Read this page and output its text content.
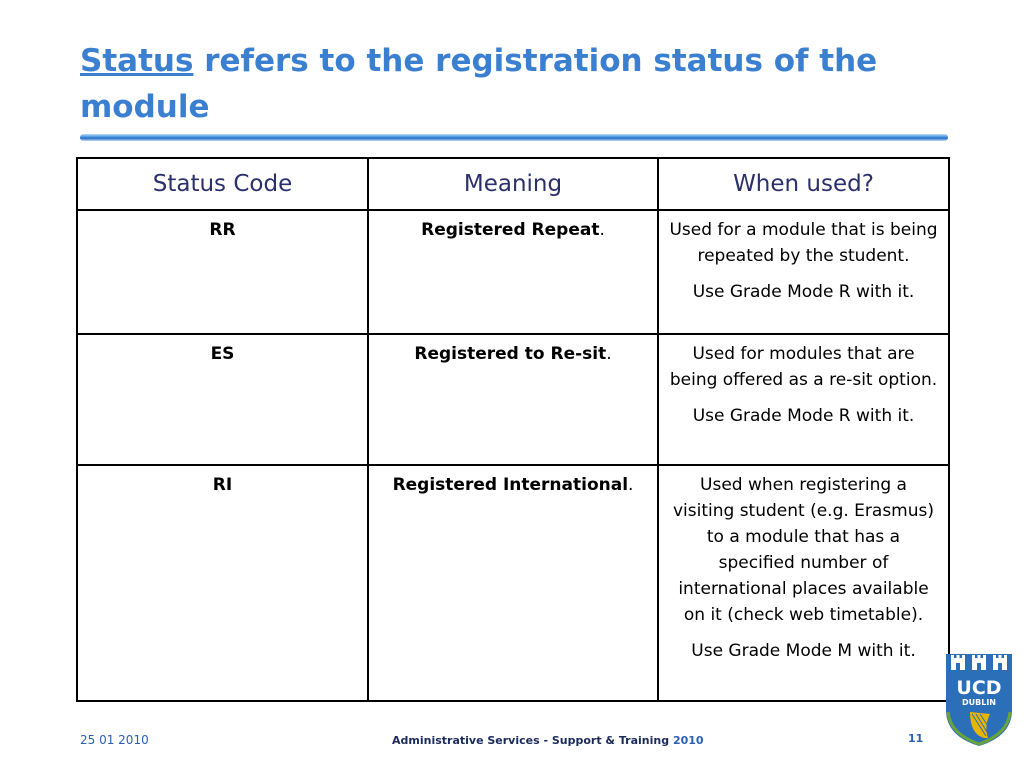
Status refers to the registration status of the module
Status Code	Meaning	When used?
RR	Registered Repeat.	Used for a module that is being repeated by the student.

Use Grade Mode R with it.

ES	Registered to Re-sit.	Used for modules that are being offered as a re-sit option.

Use Grade Mode R with it.

RI	Registered International.	Used when registering a visiting student (e.g. Erasmus) to a module that has a specified number of international places available on it (check web timetable).

Use Grade Mode M with it.

25 01 2010	Administrative Services - Support & Training 2010	11
UCD
DUBLIN
